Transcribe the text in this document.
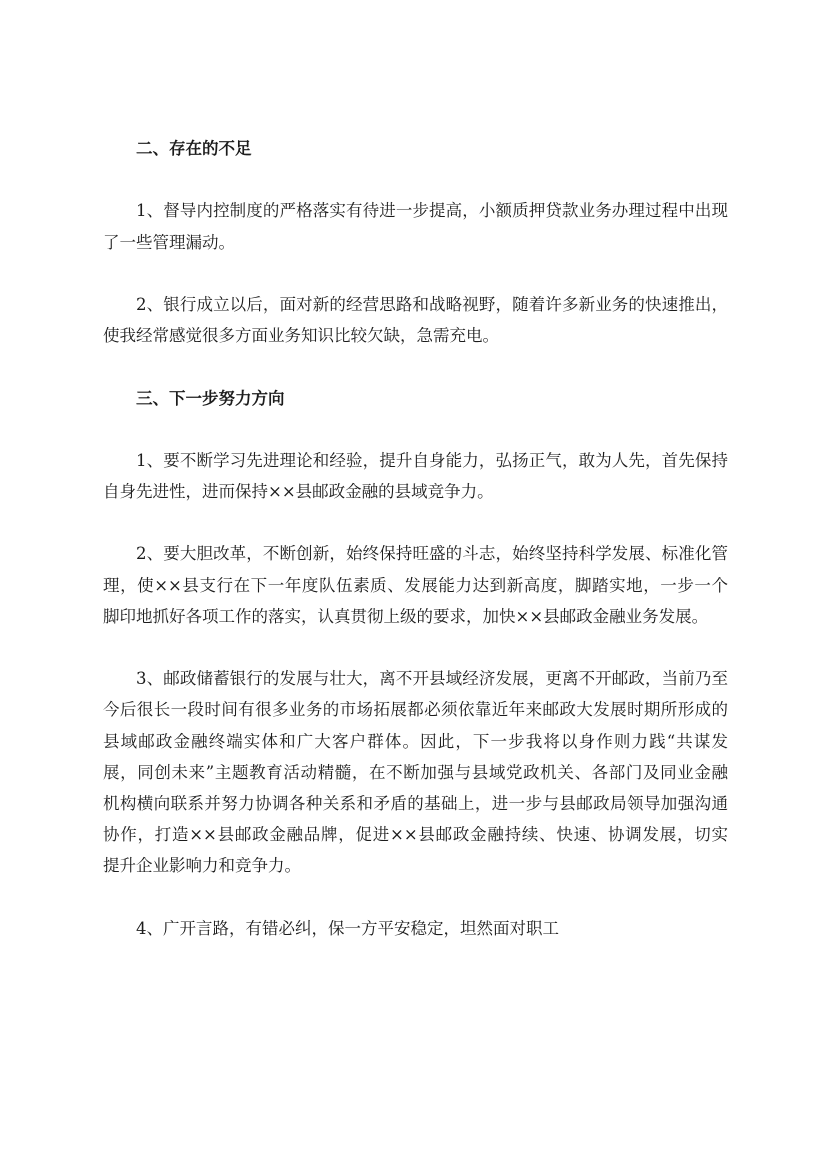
二、存在的不足
1、督导内控制度的严格落实有待进一步提高，小额质押贷款业务办理过程中出现
了一些管理漏动。
2、银行成立以后，面对新的经营思路和战略视野，随着许多新业务的快速推出，
使我经常感觉很多方面业务知识比较欠缺，急需充电。
三、下一步努力方向
1、要不断学习先进理论和经验，提升自身能力，弘扬正气，敢为人先，首先保持
自身先进性，进而保持××县邮政金融的县域竞争力。
2、要大胆改革，不断创新，始终保持旺盛的斗志，始终坚持科学发展、标准化管
理，使××县支行在下一年度队伍素质、发展能力达到新高度，脚踏实地，一步一个
脚印地抓好各项工作的落实，认真贯彻上级的要求，加快××县邮政金融业务发展。
3、邮政储蓄银行的发展与壮大，离不开县域经济发展，更离不开邮政，当前乃至
今后很长一段时间有很多业务的市场拓展都必须依靠近年来邮政大发展时期所形成的
县域邮政金融终端实体和广大客户群体。因此，下一步我将以身作则力践“共谋发
展，同创未来”主题教育活动精髓，在不断加强与县域党政机关、各部门及同业金融
机构横向联系并努力协调各种关系和矛盾的基础上，进一步与县邮政局领导加强沟通
协作，打造××县邮政金融品牌，促进××县邮政金融持续、快速、协调发展，切实
提升企业影响力和竞争力。
4、广开言路，有错必纠，保一方平安稳定，坦然面对职工
